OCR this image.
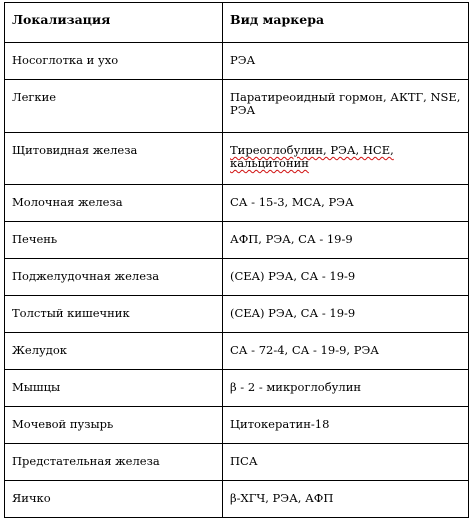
Локализация	Вид маркера
Носоглотка и ухо	РЭА
Легкие	Паратиреоидный гормон, АКТГ, NSE, РЭА
Щитовидная железа	Тиреоглобулин, РЭА, НСЕ, кальцитонин
Молочная железа	СА - 15-3, МСА, РЭА
Печень	АФП, РЭА, СА - 19-9
Поджелудочная железа	(CEA) РЭА, СА - 19-9
Толстый кишечник	(CEA) РЭА, СА - 19-9
Желудок	СА - 72-4, СА - 19-9, РЭА
Мышцы	β - 2 - микроглобулин
Мочевой пузырь	Цитокератин-18
Предстательная железа	ПСА
Яичко	β-ХГЧ, РЭА, АФП
